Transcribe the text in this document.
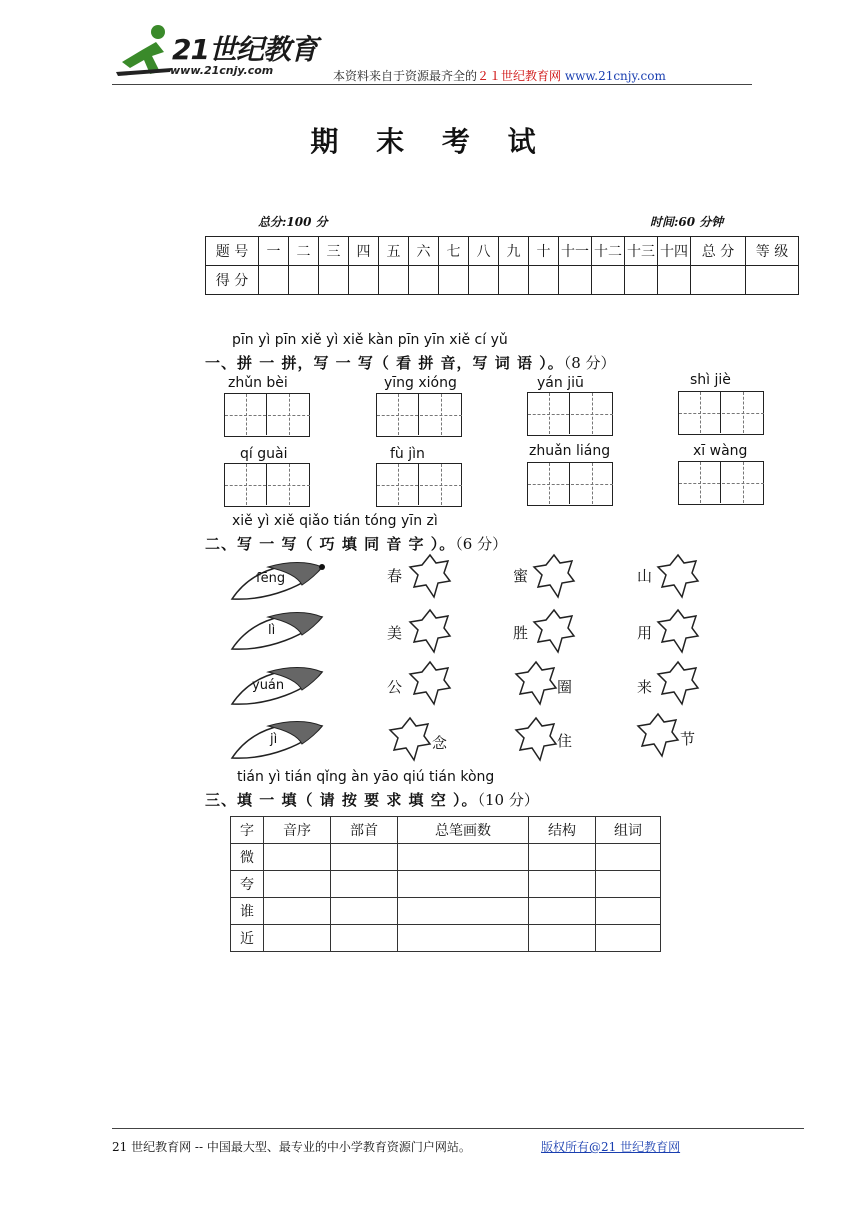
21世纪教育
www.21cnjy.com	本资料来自于资源最齐全的２１世纪教育网 www.21cnjy.com
期 末 考 试
总分:100 分	时间:60 分钟
题 号	一	二	三	四	五	六	七	八	九	十	十一	十二	十三	十四	总 分	等 级
得 分																
pīn yì pīn xiě yì xiě kàn pīn yīn xiě cí yǔ
一、拼 一 拼，写 一 写（ 看 拼 音，写 词 语 ）。（8 分）
zhǔn bèi	yīng xióng	yán jiū	shì jiè
qí guài	fù jìn	zhuǎn liáng	xī wàng
xiě yì xiě qiǎo tián tóng yīn zì
二、写 一 写（ 巧 填 同 音 字 ）。（6 分）
fēng
lì
yuán
jì
春	蜜	山
美	胜	用
公	圈	来
念	住	节
tián yì tián qǐng àn yāo qiú tián kòng
三、填 一 填（ 请 按 要 求 填 空 ）。（10 分）
字	音序	部首	总笔画数	结构	组词
微					
夸					
谁					
近					
21 世纪教育网 -- 中国最大型、最专业的中小学教育资源门户网站。	版权所有@21 世纪教育网
